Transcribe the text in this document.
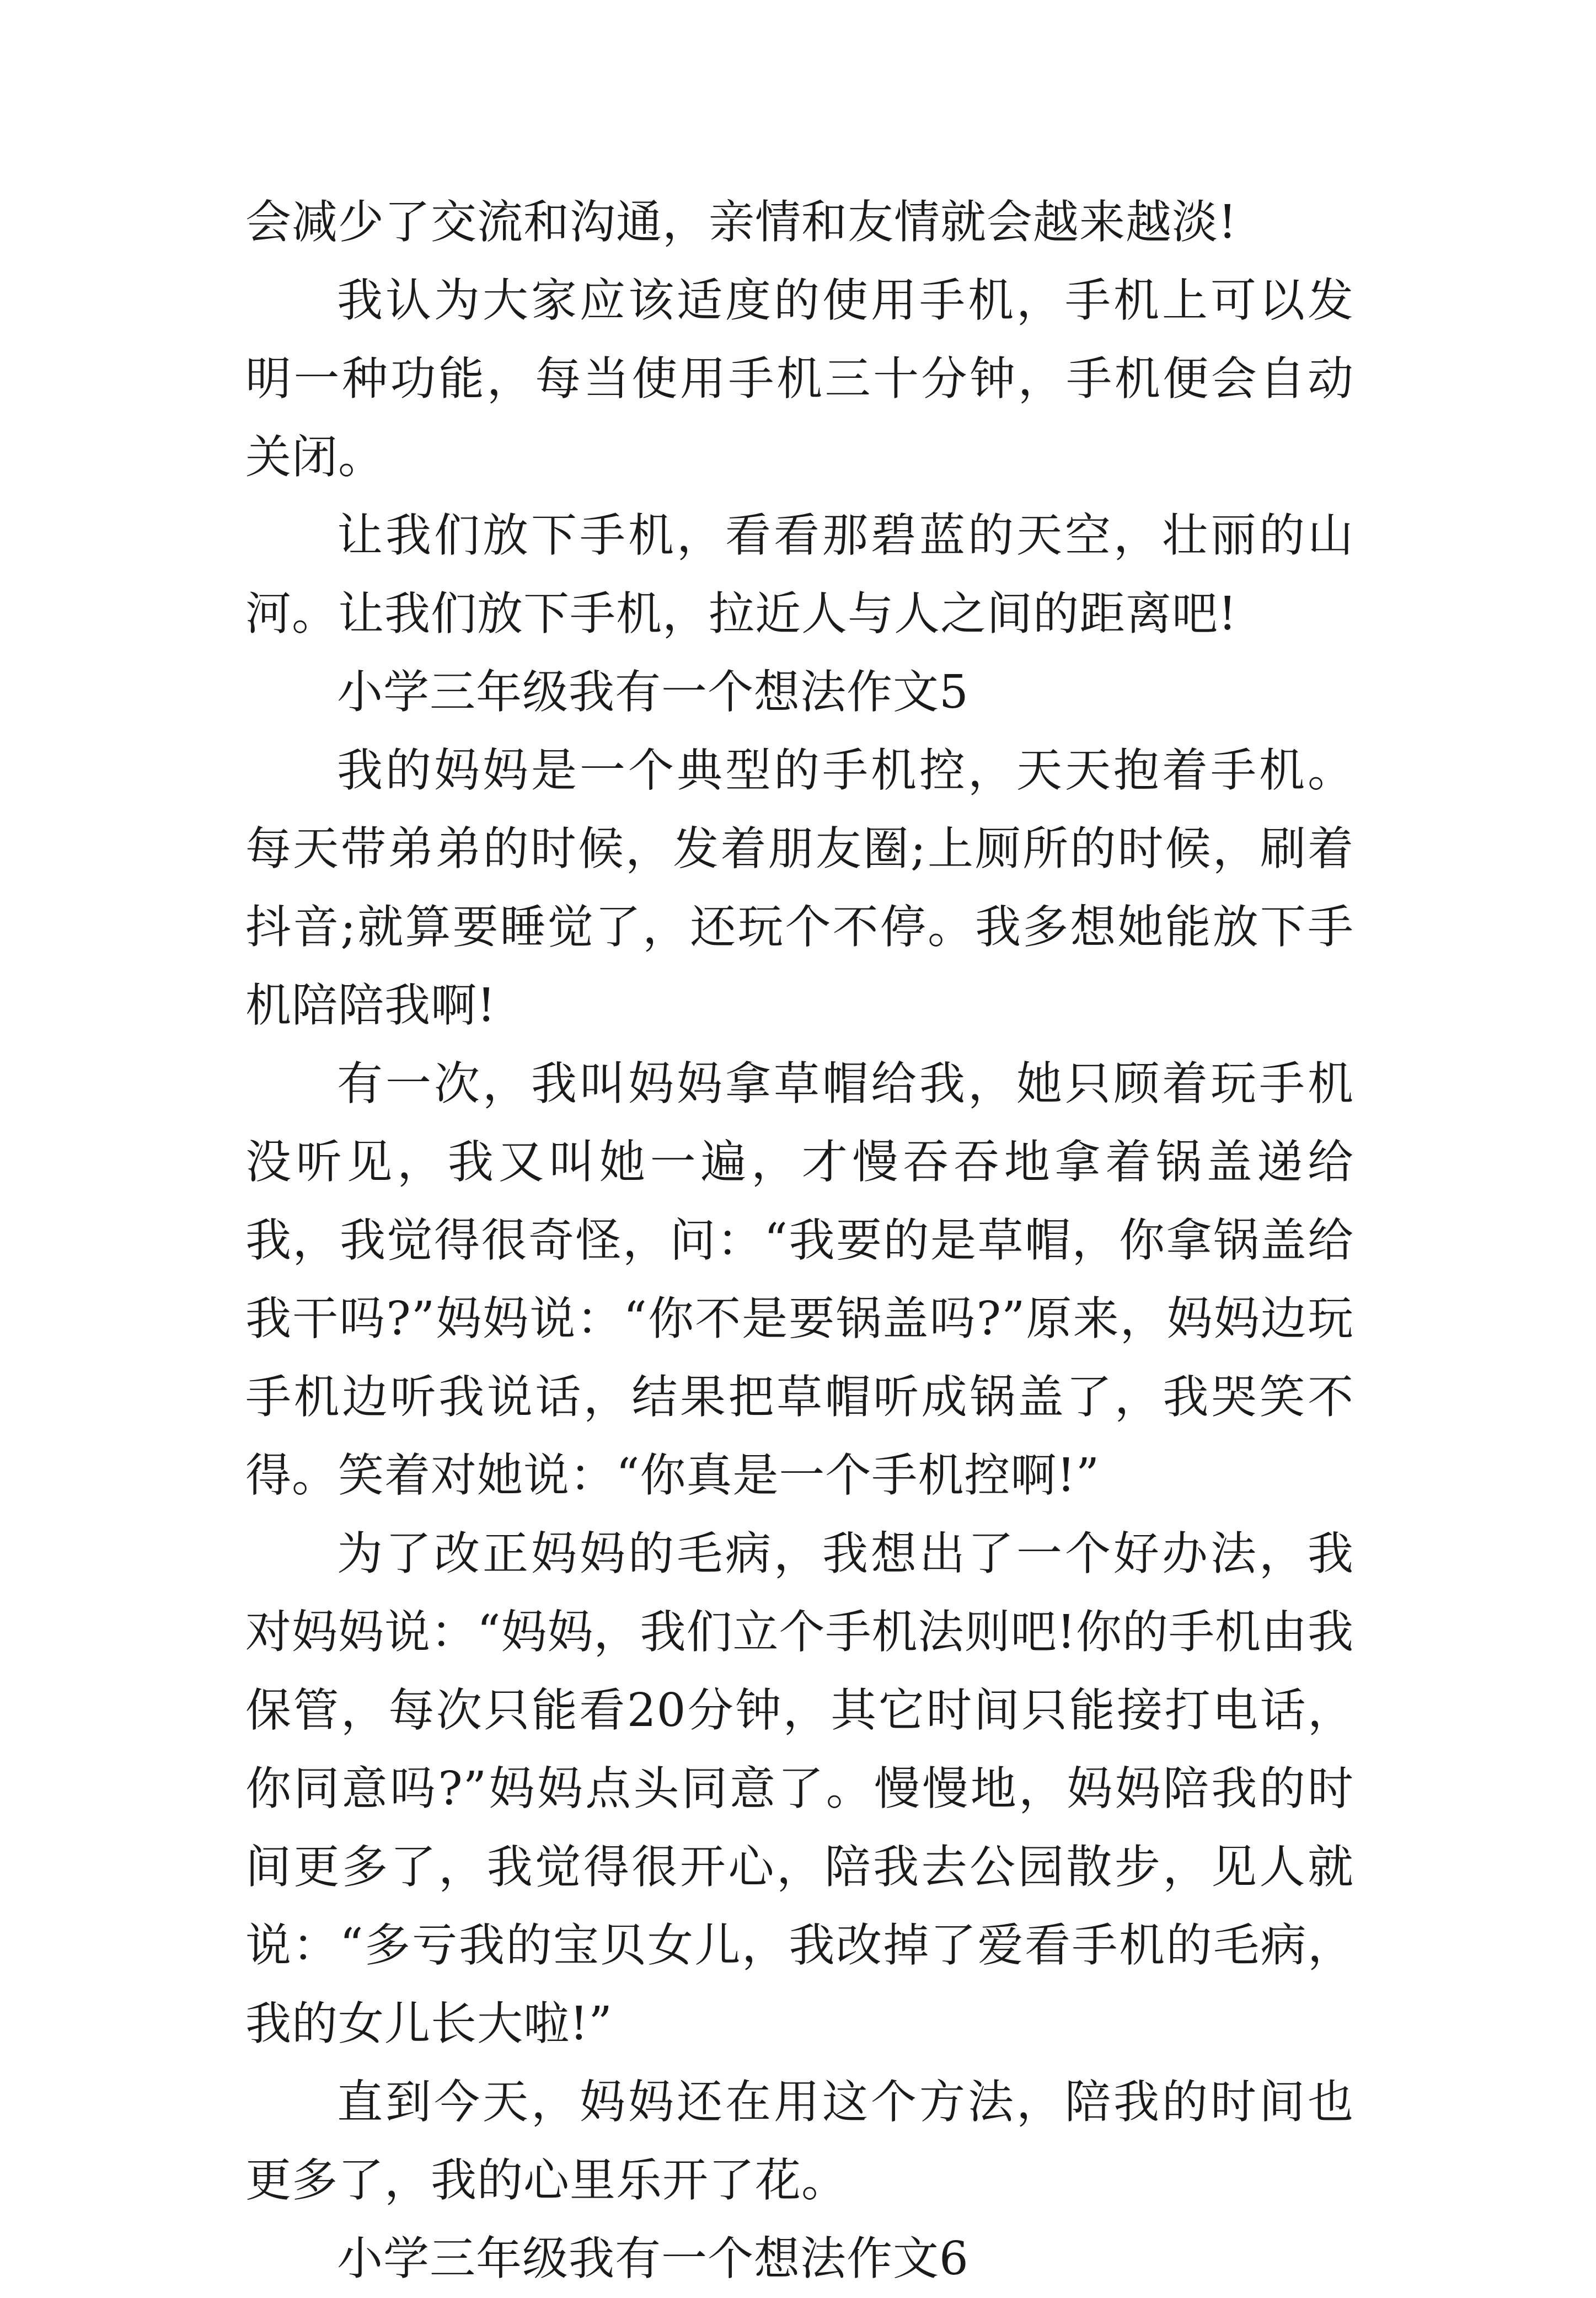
会减少了交流和沟通，亲情和友情就会越来越淡!

我认为大家应该适度的使用手机，手机上可以发明一种功能，每当使用手机三十分钟，手机便会自动关闭。

让我们放下手机，看看那碧蓝的天空，壮丽的山河。让我们放下手机，拉近人与人之间的距离吧!

小学三年级我有一个想法作文5

我的妈妈是一个典型的手机控，天天抱着手机。每天带弟弟的时候，发着朋友圈;上厕所的时候，刷着抖音;就算要睡觉了，还玩个不停。我多想她能放下手机陪陪我啊!

有一次，我叫妈妈拿草帽给我，她只顾着玩手机没听见，我又叫她一遍，才慢吞吞地拿着锅盖递给我，我觉得很奇怪，问：“我要的是草帽，你拿锅盖给我干吗?”妈妈说：“你不是要锅盖吗?”原来，妈妈边玩手机边听我说话，结果把草帽听成锅盖了，我哭笑不得。笑着对她说：“你真是一个手机控啊!”

为了改正妈妈的毛病，我想出了一个好办法，我对妈妈说：“妈妈，我们立个手机法则吧!你的手机由我保管，每次只能看20分钟，其它时间只能接打电话，你同意吗?”妈妈点头同意了。慢慢地，妈妈陪我的时间更多了，我觉得很开心，陪我去公园散步，见人就说：“多亏我的宝贝女儿，我改掉了爱看手机的毛病，我的女儿长大啦!”

直到今天，妈妈还在用这个方法，陪我的时间也更多了，我的心里乐开了花。

小学三年级我有一个想法作文6
